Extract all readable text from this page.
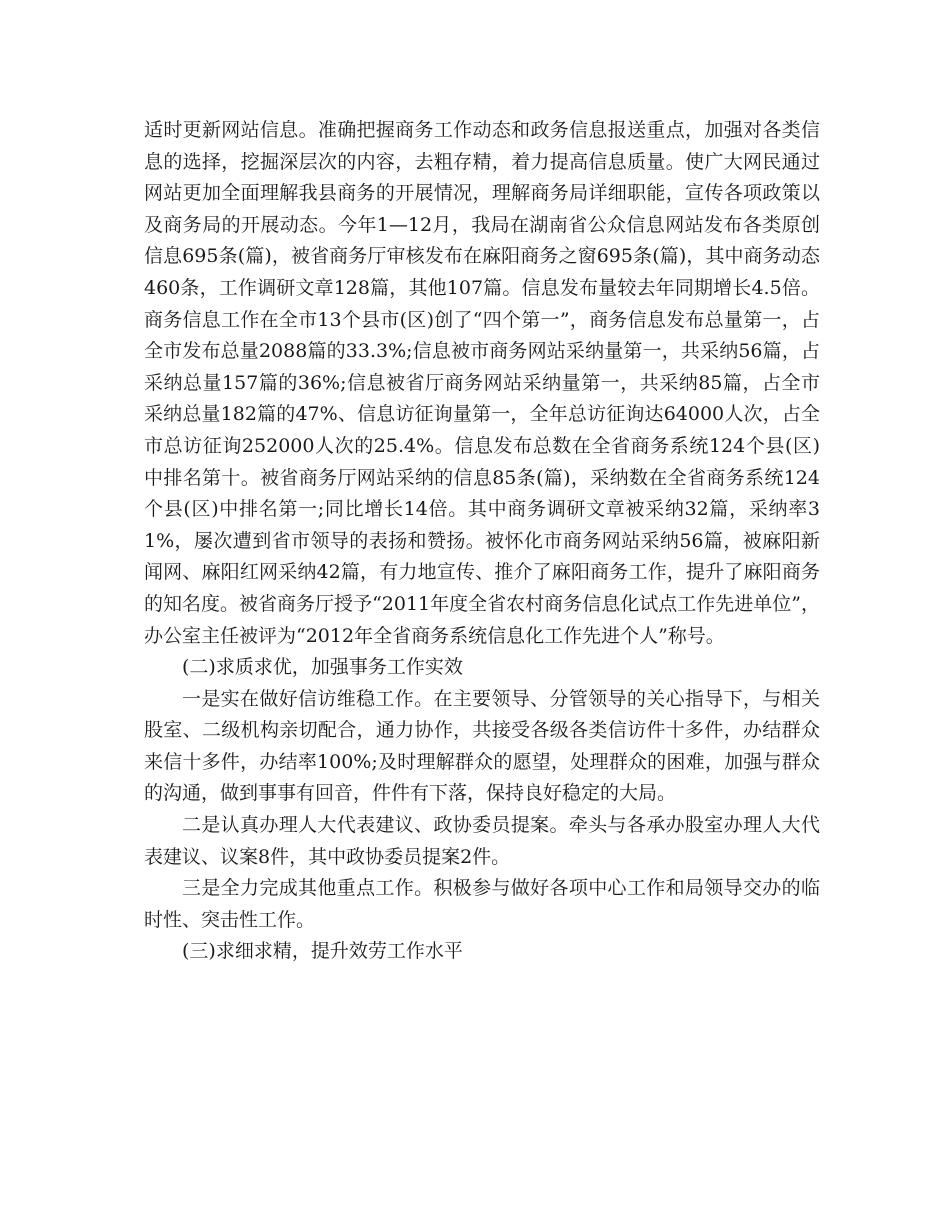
适时更新网站信息。准确把握商务工作动态和政务信息报送重点，加强对各类信息的选择，挖掘深层次的内容，去粗存精，着力提高信息质量。使广大网民通过网站更加全面理解我县商务的开展情况，理解商务局详细职能，宣传各项政策以及商务局的开展动态。今年1—12月，我局在湖南省公众信息网站发布各类原创信息695条(篇)，被省商务厅审核发布在麻阳商务之窗695条(篇)，其中商务动态460条，工作调研文章128篇，其他107篇。信息发布量较去年同期增长4.5倍。商务信息工作在全市13个县市(区)创了“四个第一”，商务信息发布总量第一，占全市发布总量2088篇的33.3%;信息被市商务网站采纳量第一，共采纳56篇，占采纳总量157篇的36%;信息被省厅商务网站采纳量第一，共采纳85篇，占全市采纳总量182篇的47%、信息访征询量第一，全年总访征询达64000人次，占全市总访征询252000人次的25.4%。信息发布总数在全省商务系统124个县(区)中排名第十。被省商务厅网站采纳的信息85条(篇)，采纳数在全省商务系统124个县(区)中排名第一;同比增长14倍。其中商务调研文章被采纳32篇，采纳率31%，屡次遭到省市领导的表扬和赞扬。被怀化市商务网站采纳56篇，被麻阳新闻网、麻阳红网采纳42篇，有力地宣传、推介了麻阳商务工作，提升了麻阳商务的知名度。被省商务厅授予“2011年度全省农村商务信息化试点工作先进单位”，办公室主任被评为“2012年全省商务系统信息化工作先进个人”称号。

(二)求质求优，加强事务工作实效

一是实在做好信访维稳工作。在主要领导、分管领导的关心指导下，与相关股室、二级机构亲切配合，通力协作，共接受各级各类信访件十多件，办结群众来信十多件，办结率100%;及时理解群众的愿望，处理群众的困难，加强与群众的沟通，做到事事有回音，件件有下落，保持良好稳定的大局。

二是认真办理人大代表建议、政协委员提案。牵头与各承办股室办理人大代表建议、议案8件，其中政协委员提案2件。

三是全力完成其他重点工作。积极参与做好各项中心工作和局领导交办的临时性、突击性工作。

(三)求细求精，提升效劳工作水平
